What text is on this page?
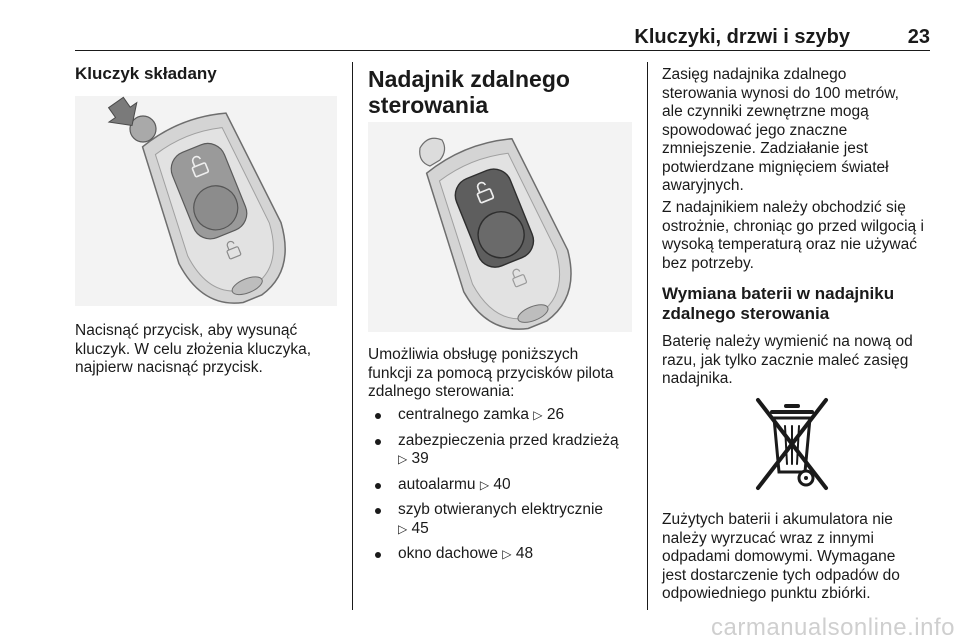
Kluczyki, drzwi i szyby	23
Kluczyk składany
Nacisnąć przycisk, aby wysunąć
kluczyk. W celu złożenia kluczyka,
najpierw nacisnąć przycisk.
Nadajnik zdalnego
sterowania
Umożliwia obsługę poniższych
funkcji za pomocą przycisków pilota
zdalnego sterowania:
centralnego zamka ▷ 26
zabezpieczenia przed kradzieżą
▷ 39
autoalarmu ▷ 40
szyb otwieranych elektrycznie
▷ 45
okno dachowe ▷ 48
Zasięg nadajnika zdalnego
sterowania wynosi do 100 metrów,
ale czynniki zewnętrzne mogą
spowodować jego znaczne
zmniejszenie. Zadziałanie jest
potwierdzane mignięciem świateł
awaryjnych.
Z nadajnikiem należy obchodzić się
ostrożnie, chroniąc go przed wilgocią i
wysoką temperaturą oraz nie używać
bez potrzeby.
Wymiana baterii w nadajniku
zdalnego sterowania
Baterię należy wymienić na nową od
razu, jak tylko zacznie maleć zasięg
nadajnika.
Zużytych baterii i akumulatora nie
należy wyrzucać wraz z innymi
odpadami domowymi. Wymagane
jest dostarczenie tych odpadów do
odpowiedniego punktu zbiórki.
carmanualsonline.info
